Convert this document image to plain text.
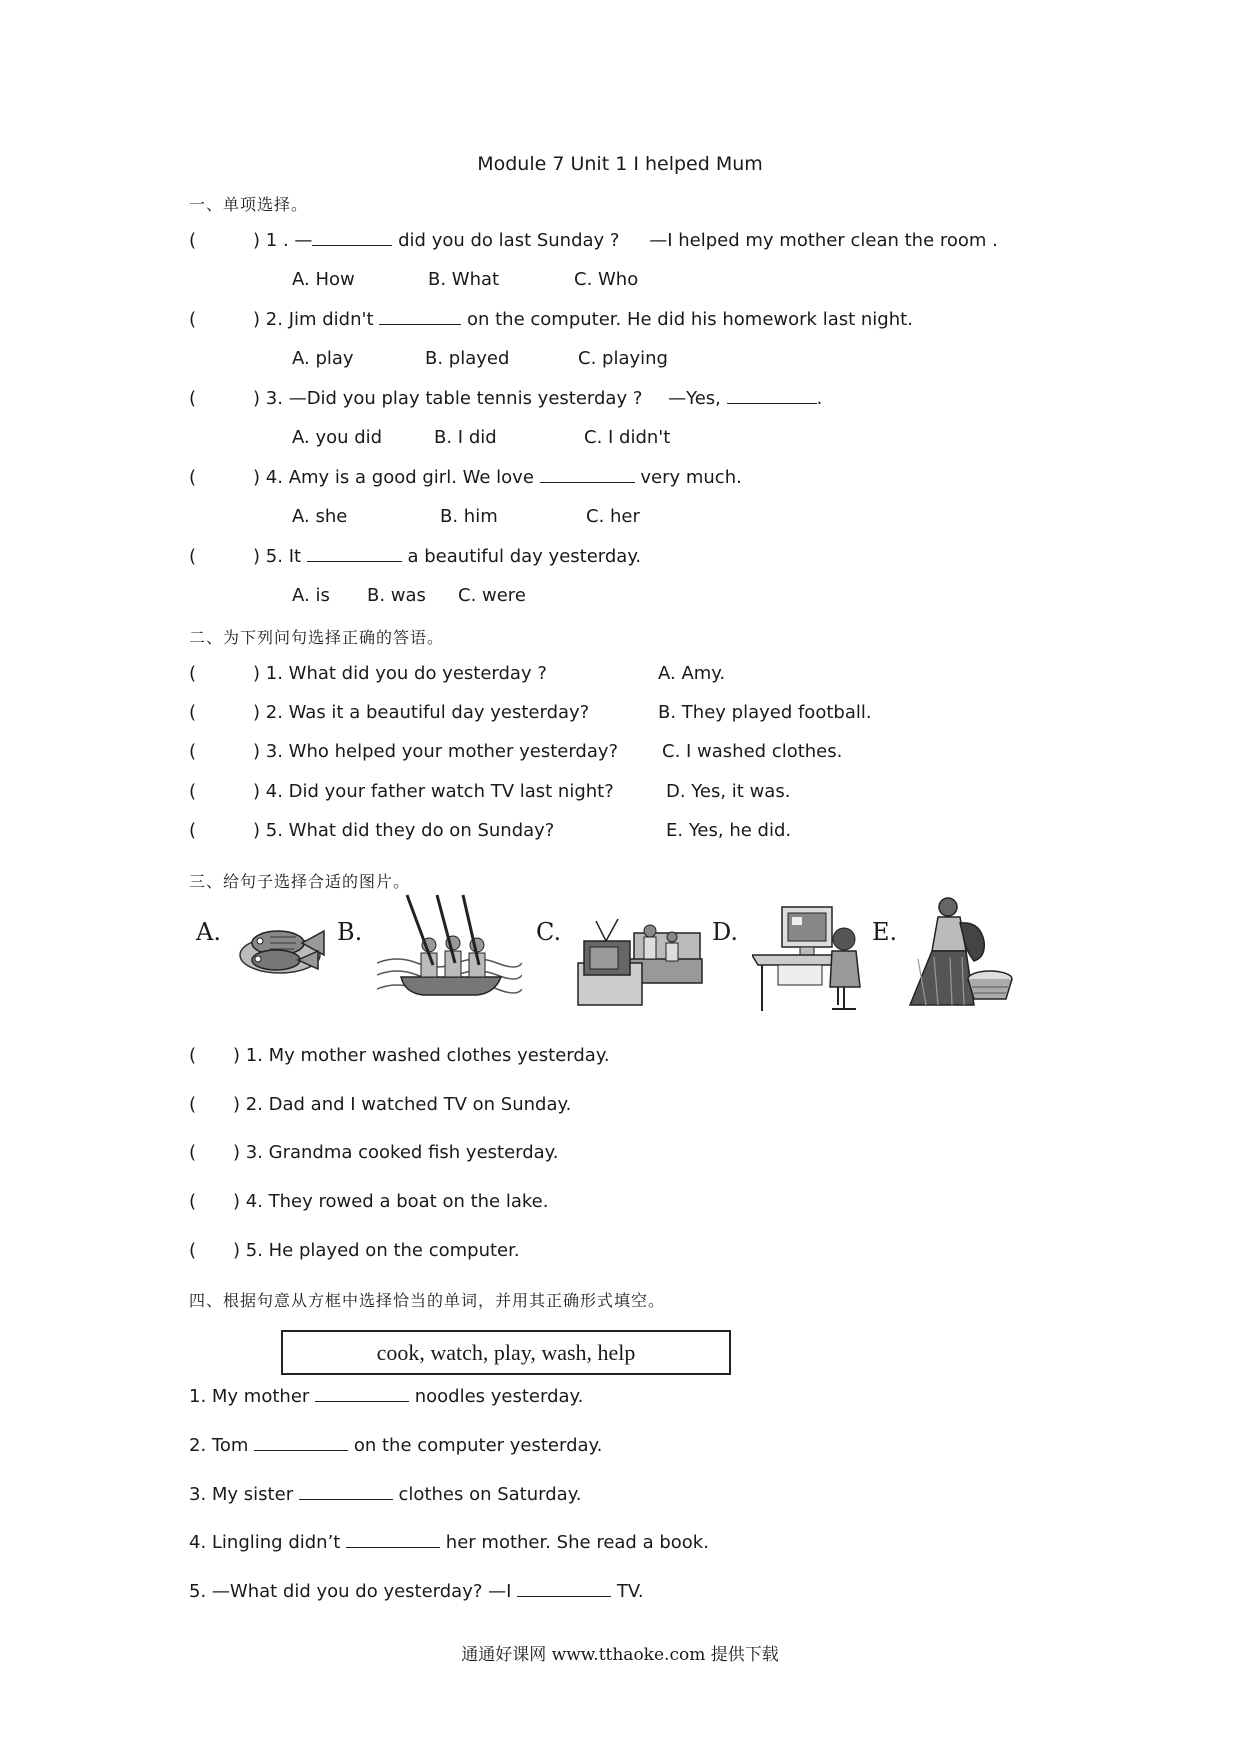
Module 7 Unit 1 I helped Mum
一、单项选择。
(	) 1 . —	did you do last Sunday ? —I helped my mother clean the room .
A. How	B. What	C. Who
(	) 2. Jim didn't	on the computer. He did his homework last night.
A. play	B. played	C. playing
(	) 3. —Did you play table tennis yesterday ? —Yes,	.
A. you did	B. I did	C. I didn't
(	) 4. Amy is a good girl. We love	very much.
A. she	B. him	C. her
(	) 5. It	a beautiful day yesterday.
A. is B. was C. were
二、为下列问句选择正确的答语。
(	) 1. What did you do yesterday ?	A. Amy.
(	) 2. Was it a beautiful day yesterday?	B. They played football.
(	) 3. Who helped your mother yesterday? C. I washed clothes.
(	) 4. Did your father watch TV last night?	D. Yes, it was.
(	) 5. What did they do on Sunday?	E. Yes, he did.
三、给句子选择合适的图片。
A.	B.	C.	D.	E.
( ) 1. My mother washed clothes yesterday.
( ) 2. Dad and I watched TV on Sunday.
( ) 3. Grandma cooked fish yesterday.
( ) 4. They rowed a boat on the lake.
( ) 5. He played on the computer.
四、根据句意从方框中选择恰当的单词，并用其正确形式填空。
cook, watch, play, wash, help
1. My mother	noodles yesterday.
2. Tom	on the computer yesterday.
3. My sister	clothes on Saturday.
4. Lingling didn’t	her mother. She read a book.
5. —What did you do yesterday? —I	TV.
通通好课网 www.tthaoke.com 提供下载
